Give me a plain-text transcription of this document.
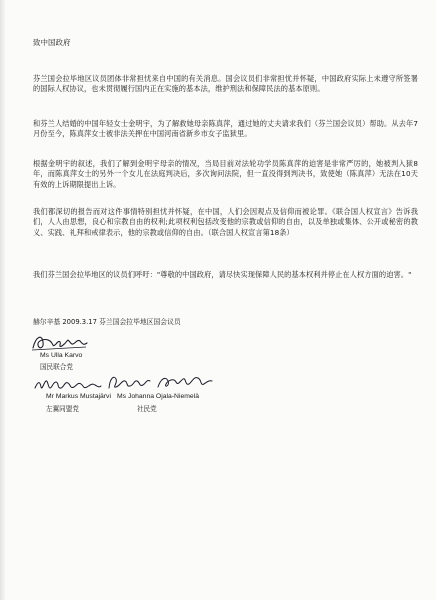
致中国政府
芬兰国会拉毕地区议员团体非常担忧来自中国的有关消息。国会议员们非常担忧并怀疑，中国政府实际上未遵守所签署的国际人权协议，也未贯彻履行国内正在实施的基本法，维护刑法和保障民法的基本原则。
和芬兰人结婚的中国年轻女士金明宇，为了解救她母亲陈真萍，通过她的丈夫请求我们（芬兰国会议员）帮助。从去年7月份至今，陈真萍女士被非法关押在中国河南省新乡市女子监狱里。
根据金明宇的叙述，我们了解到金明宇母亲的情况，当局目前对法轮功学员陈真萍的迫害是非常严厉的，她被判入狱8年，而陈真萍女士的另外一个女儿在法庭判决后，多次询问法院，但一直没得到判决书，致使她（陈真萍）无法在10天有效的上诉期限提出上诉。
我们都深切的报告而对这件事情特别担忧并怀疑，在中国，人们会因观点及信仰而被论罪。《联合国人权宣言》告诉我们，人人由思想，良心和宗教自由的权利;此项权利包括改变他的宗教或信仰的自由，以及单独或集体、公开或秘密的教义、实践、礼拜和戒律表示，他的宗教或信仰的自由。（联合国人权宣言第18条）
我们芬兰国会拉毕地区的议员们呼吁："尊敬的中国政府，请尽快实现保障人民的基本权利并停止在人权方面的迫害。"
赫尔辛基 2009.3.17 芬兰国会拉毕地区国会议员
Ms Ulla Karvo
国民联合党
Mr Markus Mustajärvi Ms Johanna Ojala-Niemelä
左翼同盟党	社民党
